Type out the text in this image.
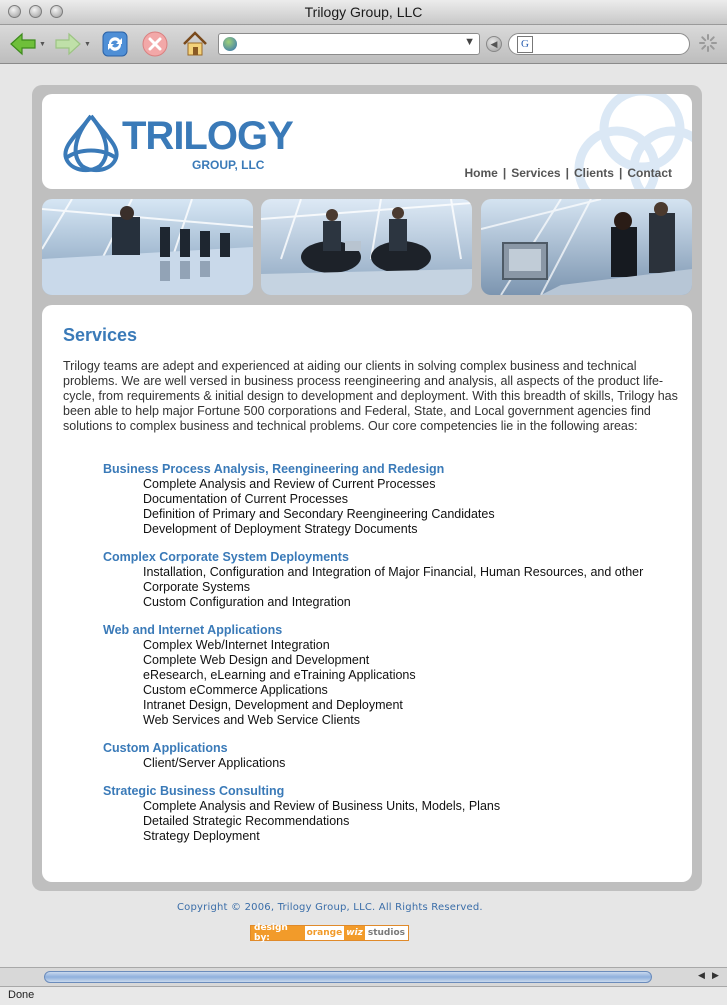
Trilogy Group, LLC
▼	▼	▼	◀	G
TRILOGY
GROUP, LLC
Home | Services | Clients | Contact
Services

Trilogy teams are adept and experienced at aiding our clients in solving complex business and technical problems. We are well versed in business process reengineering and analysis, all aspects of the product life-cycle, from requirements & initial design to development and deployment. With this breadth of skills, Trilogy has been able to help major Fortune 500 corporations and Federal, State, and Local government agencies find solutions to complex business and technical problems. Our core competencies lie in the following areas:

Business Process Analysis, Reengineering and Redesign
Complete Analysis and Review of Current Processes
Documentation of Current Processes
Definition of Primary and Secondary Reengineering Candidates
Development of Deployment Strategy Documents
Complex Corporate System Deployments
Installation, Configuration and Integration of Major Financial, Human Resources, and other Corporate Systems
Custom Configuration and Integration
Web and Internet Applications
Complex Web/Internet Integration
Complete Web Design and Development
eResearch, eLearning and eTraining Applications
Custom eCommerce Applications
Intranet Design, Development and Deployment
Web Services and Web Service Clients
Custom Applications
Client/Server Applications
Strategic Business Consulting
Complete Analysis and Review of Business Units, Models, Plans
Detailed Strategic Recommendations
Strategy Deployment
Copyright © 2006, Trilogy Group, LLC. All Rights Reserved.
design by:	orange wiz studios
◀ ▶
Done
